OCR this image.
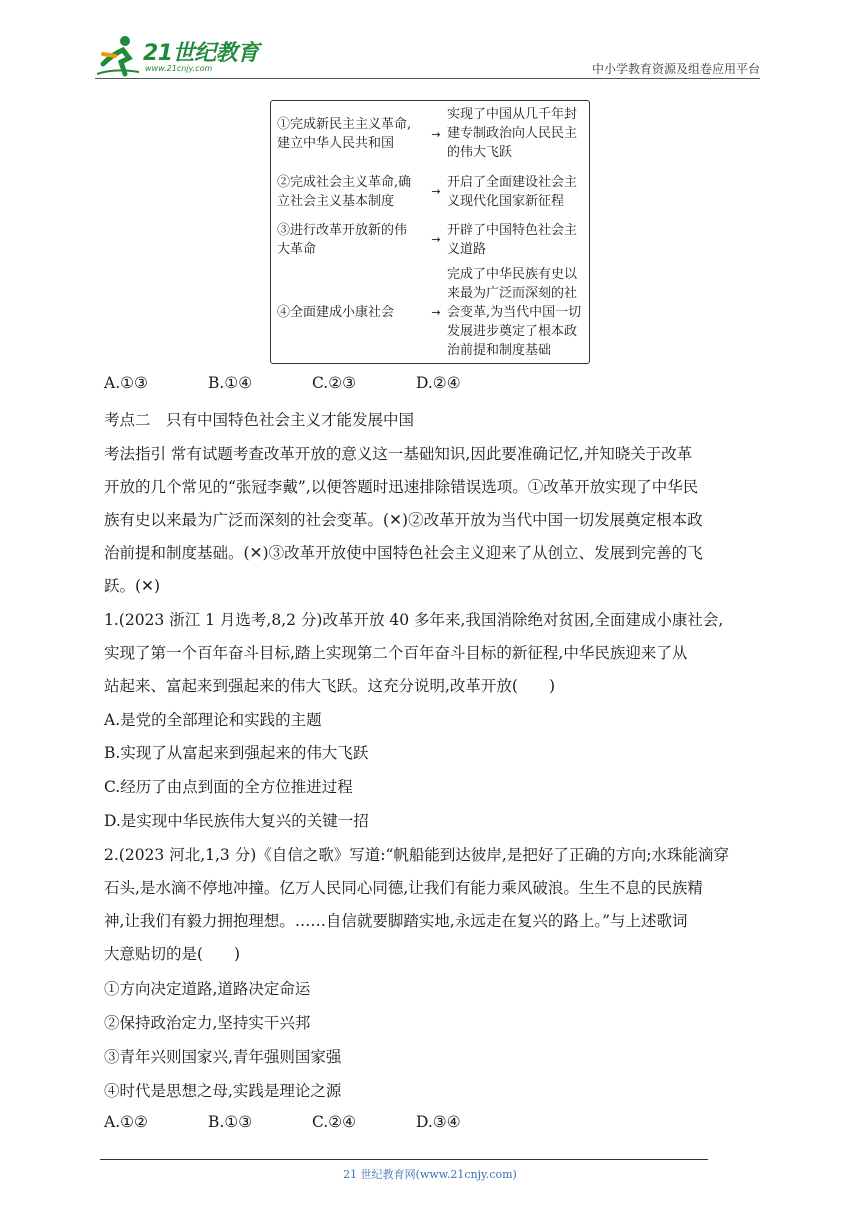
21世纪教育
www.21cnjy.com	中小学教育资源及组卷应用平台
①完成新民主主义革命,
建立中华人民共和国
→
实现了中国从几千年封
建专制政治向人民民主
的伟大飞跃
②完成社会主义革命,确
立社会主义基本制度
→
开启了全面建设社会主
义现代化国家新征程
③进行改革开放新的伟
大革命
→
开辟了中国特色社会主
义道路
④全面建成小康社会	→
完成了中华民族有史以
来最为广泛而深刻的社
会变革,为当代中国一切
发展进步奠定了根本政
治前提和制度基础
A.①③	B.①④	C.②③	D.②④
考点二　只有中国特色社会主义才能发展中国
考法指引 常有试题考查改革开放的意义这一基础知识,因此要准确记忆,并知晓关于改革
开放的几个常见的“张冠李戴”,以便答题时迅速排除错误选项。①改革开放实现了中华民
族有史以来最为广泛而深刻的社会变革。(✕)②改革开放为当代中国一切发展奠定根本政
治前提和制度基础。(✕)③改革开放使中国特色社会主义迎来了从创立、发展到完善的飞
跃。(✕)
1.(2023 浙江 1 月选考,8,2 分)改革开放 40 多年来,我国消除绝对贫困,全面建成小康社会,
实现了第一个百年奋斗目标,踏上实现第二个百年奋斗目标的新征程,中华民族迎来了从
站起来、富起来到强起来的伟大飞跃。这充分说明,改革开放(　　)
A.是党的全部理论和实践的主题
B.实现了从富起来到强起来的伟大飞跃
C.经历了由点到面的全方位推进过程
D.是实现中华民族伟大复兴的关键一招
2.(2023 河北,1,3 分)《自信之歌》写道:“帆船能到达彼岸,是把好了正确的方向;水珠能滴穿
石头,是水滴不停地冲撞。亿万人民同心同德,让我们有能力乘风破浪。生生不息的民族精
神,让我们有毅力拥抱理想。……自信就要脚踏实地,永远走在复兴的路上。”与上述歌词
大意贴切的是(　　)
①方向决定道路,道路决定命运
②保持政治定力,坚持实干兴邦
③青年兴则国家兴,青年强则国家强
④时代是思想之母,实践是理论之源
A.①②	B.①③	C.②④	D.③④
21 世纪教育网(www.21cnjy.com)
